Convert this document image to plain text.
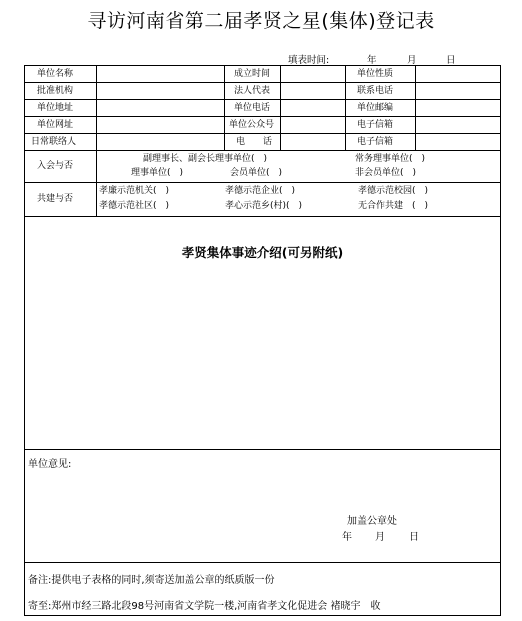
寻访河南省第二届孝贤之星(集体)登记表
填表时间:	年	月	日
单位名称	成立时间	单位性质
批准机构	法人代表	联系电话
单位地址	单位电话	单位邮编
单位网址	单位公众号	电子信箱
日常联络人	电　　话	电子信箱
入会与否
副理事长、副会长理事单位(　)	常务理事单位(　)
理事单位(　)	会员单位(　)	非会员单位(　)
共建与否
孝廉示范机关(　)	孝德示范企业(　)	孝德示范校园(　)
孝德示范社区(　)	孝心示范乡(村)(　)	无合作共建　(　)
孝贤集体事迹介绍(可另附纸)
单位意见:
加盖公章处
年 月 日
备注:提供电子表格的同时,须寄送加盖公章的纸质版一份
寄至:郑州市经三路北段98号河南省文学院一楼,河南省孝文化促进会 褚晓宇　收
